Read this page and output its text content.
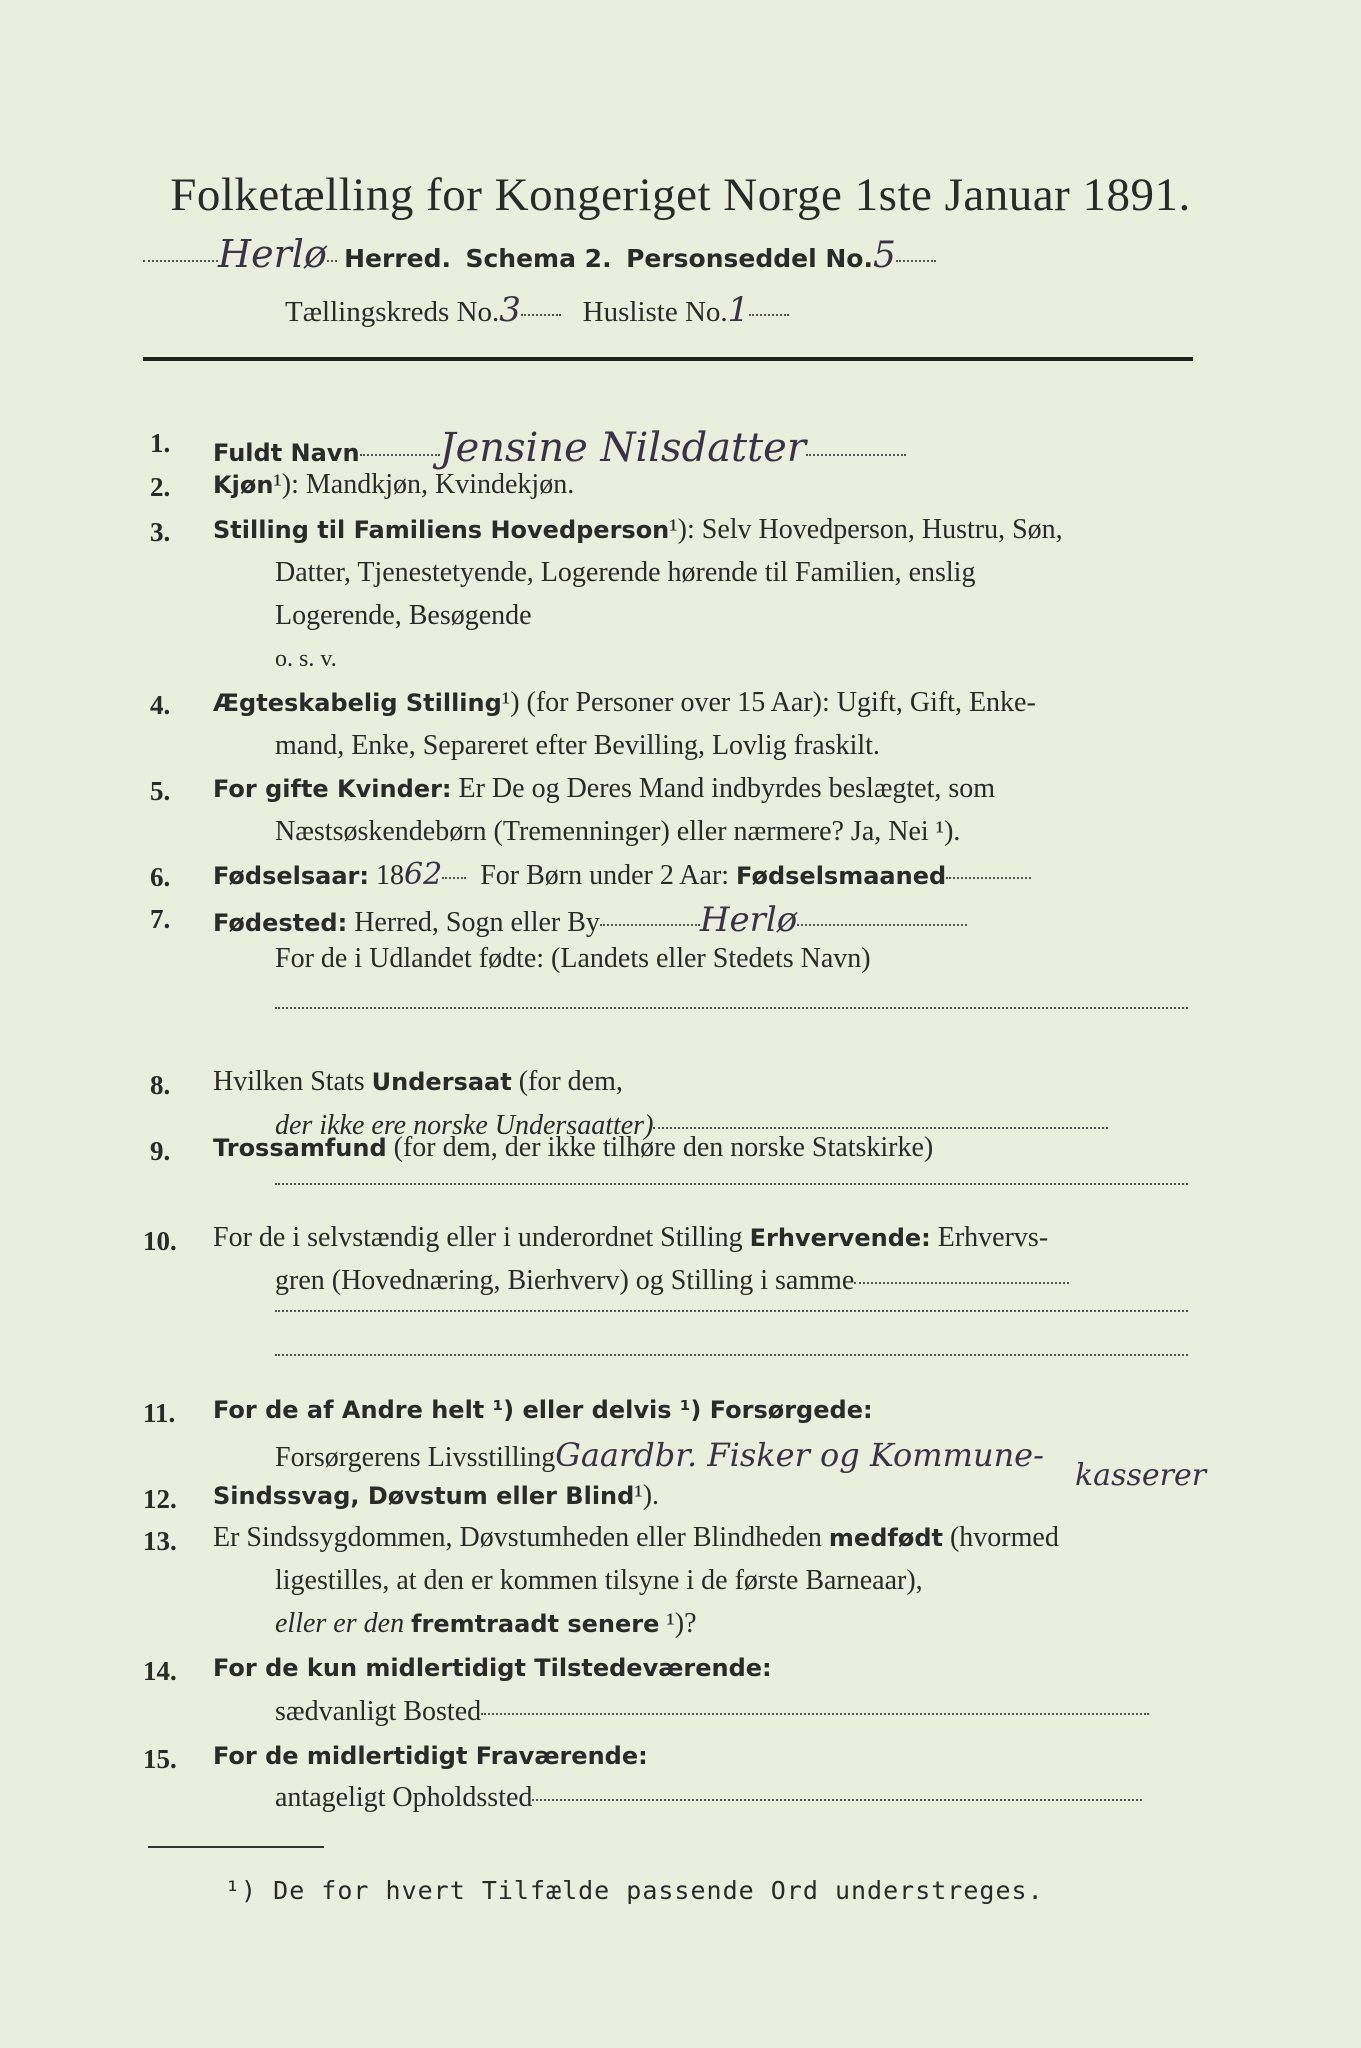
Folketælling for Kongeriget Norge 1ste Januar 1891.
Herlø Herred. Schema 2. Personseddel No.5
Tællingskreds No.3 Husliste No.1
1. Fuldt Navn Jensine Nilsdatter
2. Kjøn¹): Mandkjøn, Kvindekjøn.
3. Stilling til Familiens Hovedperson¹): Selv Hovedperson, Hustru, Søn,
Datter, Tjenestetyende, Logerende hørende til Familien, enslig
Logerende, Besøgende
o. s. v.
4. Ægteskabelig Stilling¹) (for Personer over 15 Aar): Ugift, Gift, Enke-
mand, Enke, Separeret efter Bevilling, Lovlig fraskilt.
5. For gifte Kvinder: Er De og Deres Mand indbyrdes beslægtet, som
Næstsøskendebørn (Tremenninger) eller nærmere? Ja, Nei ¹).
6. Fødselsaar: 1862 For Børn under 2 Aar: Fødselsmaaned
7. Fødested: Herred, Sogn eller By	Herlø
For de i Udlandet fødte: (Landets eller Stedets Navn)
8. Hvilken Stats Undersaat (for dem,
der ikke ere norske Undersaatter)
9. Trossamfund (for dem, der ikke tilhøre den norske Statskirke)
10. For de i selvstændig eller i underordnet Stilling Erhvervende: Erhvervs-
gren (Hovednæring, Bierhverv) og Stilling i samme
11. For de af Andre helt ¹) eller delvis ¹) Forsørgede:
Forsørgerens LivsstillingGaardbr. Fisker og Kommune-
kasserer
12. Sindssvag, Døvstum eller Blind¹).
13. Er Sindssygdommen, Døvstumheden eller Blindheden medfødt (hvormed
ligestilles, at den er kommen tilsyne i de første Barneaar),
eller er den fremtraadt senere ¹)?
14. For de kun midlertidigt Tilstedeværende:
sædvanligt Bosted
15. For de midlertidigt Fraværende:
antageligt Opholdssted
¹) De for hvert Tilfælde passende Ord understreges.
